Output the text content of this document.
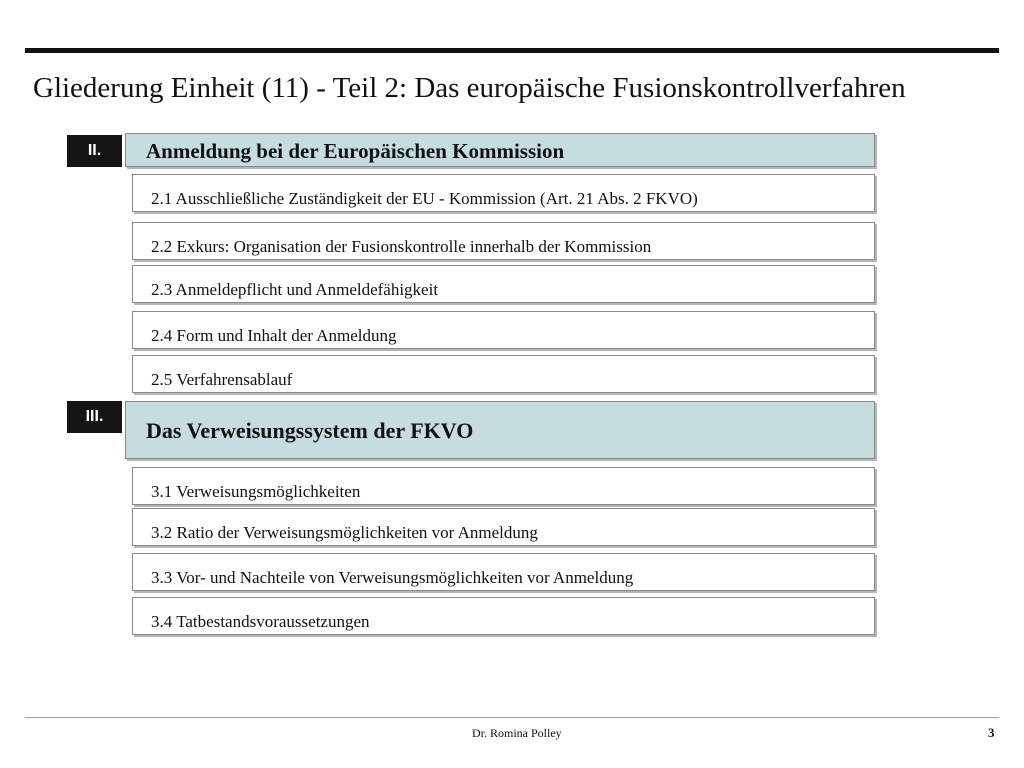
Gliederung Einheit (11) - Teil 2: Das europäische Fusionskontrollverfahren
Anmeldung bei der Europäischen Kommission
II.
2.1 Ausschließliche Zuständigkeit der EU - Kommission (Art. 21 Abs. 2 FKVO)
2.2 Exkurs: Organisation der Fusionskontrolle innerhalb der Kommission
2.3 Anmeldepflicht und Anmeldefähigkeit
2.4 Form und Inhalt der Anmeldung
2.5 Verfahrensablauf
Das Verweisungssystem der FKVO
III.
3.1 Verweisungsmöglichkeiten
3.2 Ratio der Verweisungsmöglichkeiten vor Anmeldung
3.3 Vor- und Nachteile von Verweisungsmöglichkeiten vor Anmeldung
3.4 Tatbestandsvoraussetzungen
Dr. Romina Polley	3
